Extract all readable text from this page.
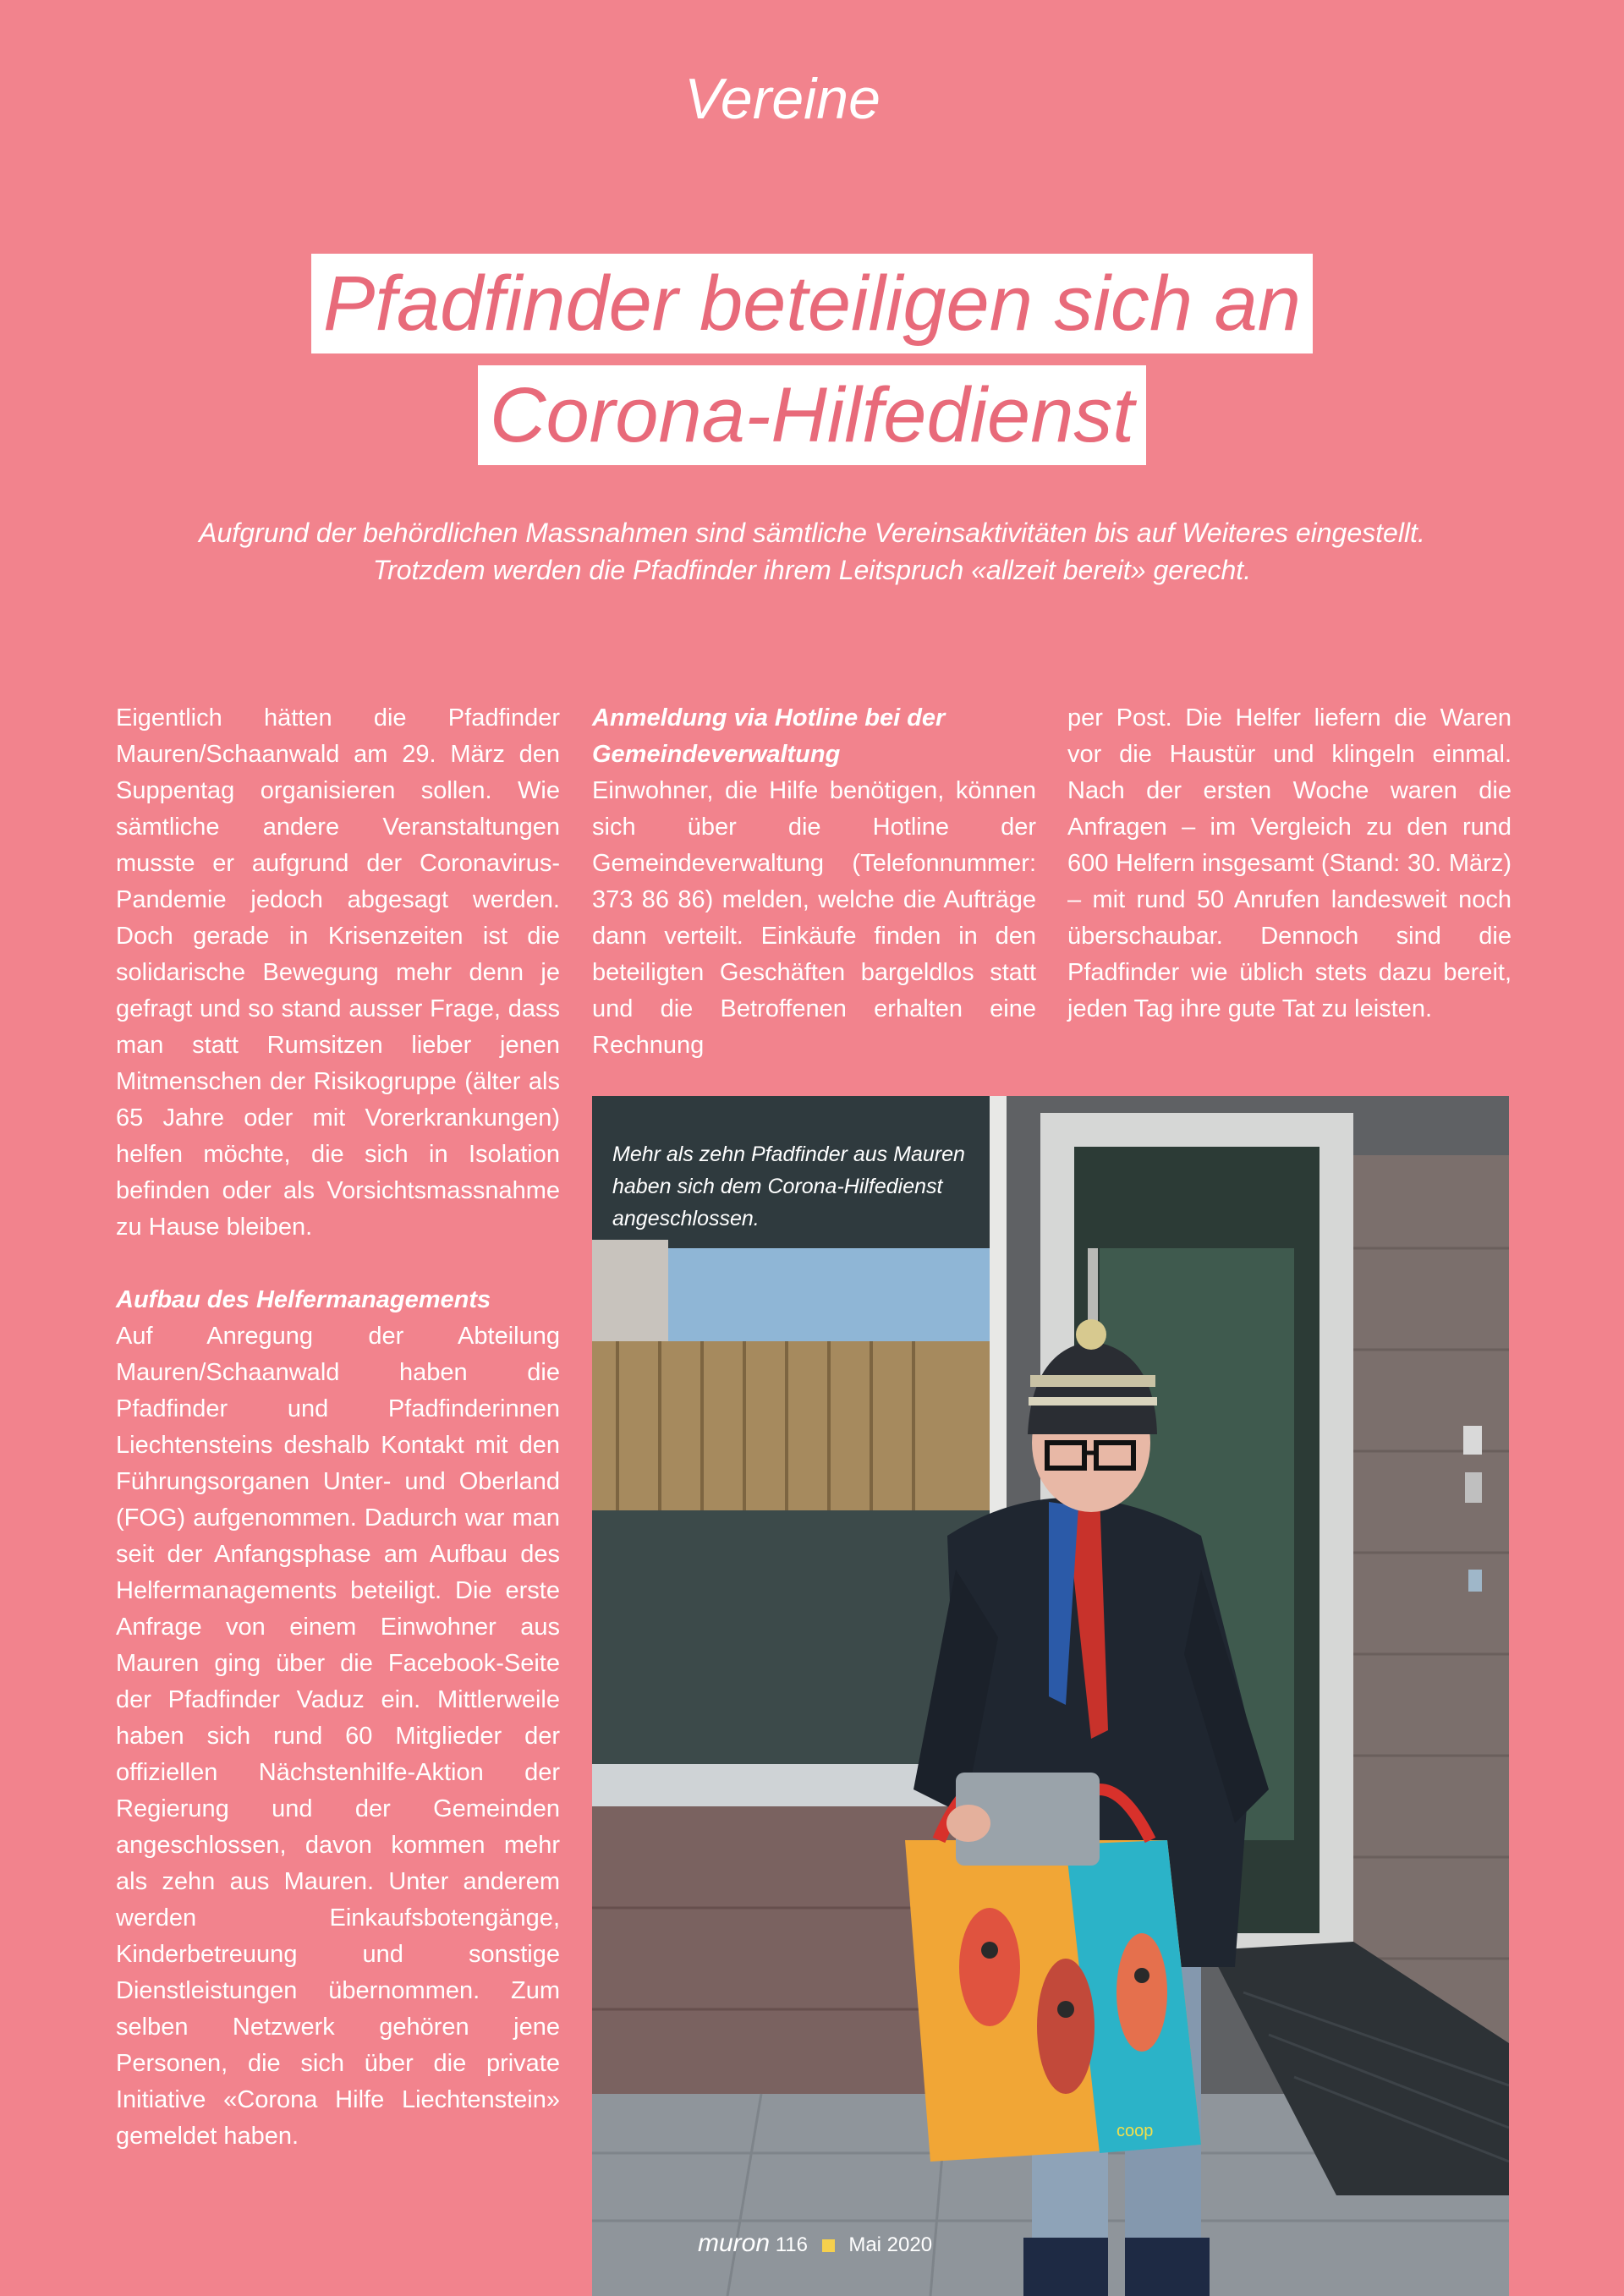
Vereine
Pfadfinder beteiligen sich an
Corona-Hilfedienst
Aufgrund der behördlichen Massnahmen sind sämtliche Vereinsaktivitäten bis auf Weiteres eingestellt. Trotzdem werden die Pfadfinder ihrem Leitspruch «allzeit bereit» gerecht.

Eigentlich hätten die Pfadfinder Mauren/Schaanwald am 29. März den Suppentag organisieren sollen. Wie sämtliche andere Veranstaltungen musste er aufgrund der Coronavirus-Pandemie jedoch abgesagt werden. Doch gerade in Krisenzeiten ist die solidarische Bewegung mehr denn je gefragt und so stand ausser Frage, dass man statt Rumsitzen lieber jenen Mitmenschen der Risikogruppe (älter als 65 Jahre oder mit Vorerkrankungen) helfen möchte, die sich in Isolation befinden oder als Vorsichtsmassnahme zu Hause bleiben.

Aufbau des Helfermanagements

Auf Anregung der Abteilung Mauren/Schaanwald haben die Pfadfinder und Pfadfinderinnen Liechtensteins deshalb Kontakt mit den Führungsorganen Unter- und Oberland (FOG) aufgenommen. Dadurch war man seit der Anfangsphase am Aufbau des Helfermanagements beteiligt. Die erste Anfrage von einem Einwohner aus Mauren ging über die Facebook-Seite der Pfadfinder Vaduz ein. Mittlerweile haben sich rund 60 Mitglieder der offiziellen Nächstenhilfe-Aktion der Regierung und der Gemeinden angeschlossen, davon kommen mehr als zehn aus Mauren. Unter anderem werden Einkaufsbotengänge, Kinderbetreuung und sonstige Dienstleistungen übernommen. Zum selben Netzwerk gehören jene Personen, die sich über die private Initiative «Corona Hilfe Liechtenstein» gemeldet haben.

Anmeldung via Hotline bei der Gemeindeverwaltung

Einwohner, die Hilfe benötigen, können sich über die Hotline der Gemeindeverwaltung (Telefonnummer: 373 86 86) melden, welche die Aufträge dann verteilt. Einkäufe finden in den beteiligten Geschäften bargeldlos statt und die Betroffenen erhalten eine Rechnung

per Post. Die Helfer liefern die Waren vor die Haustür und klingeln einmal. Nach der ersten Woche waren die Anfragen – im Vergleich zu den rund 600 Helfern insgesamt (Stand: 30. März) – mit rund 50 Anrufen landesweit noch überschaubar. Dennoch sind die Pfadfinder wie üblich stets dazu bereit, jeden Tag ihre gute Tat zu leisten.

coop
Mehr als zehn Pfadfinder aus Mauren haben sich dem Corona-Hilfedienst angeschlossen.
muron 116 Mai 2020
